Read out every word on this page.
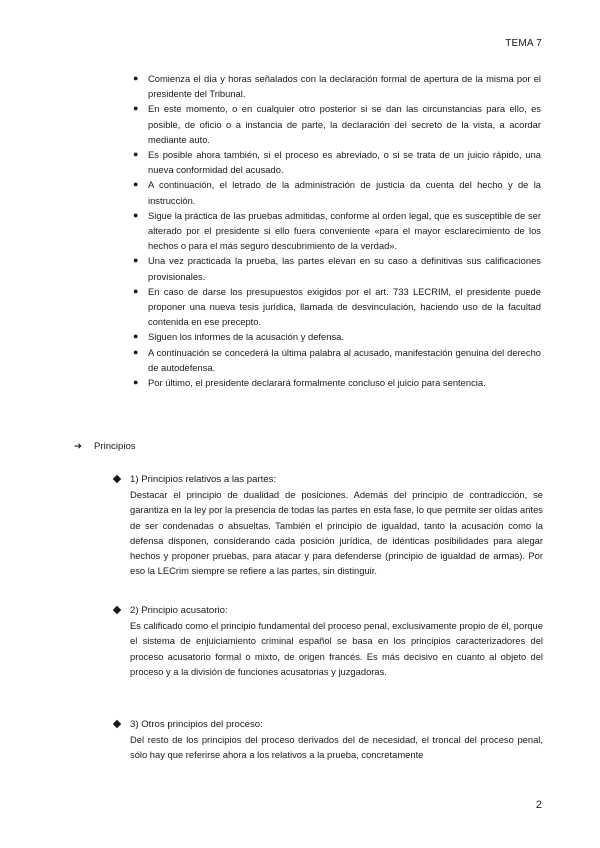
TEMA 7
● Comienza el día y horas señalados con la declaración formal de apertura de la misma por el presidente del Tribunal.
● En este momento, o en cualquier otro posterior si se dan las circunstancias para ello, es posible, de oficio o a instancia de parte, la declaración del secreto de la vista, a acordar mediante auto.
● Es posible ahora también, si el proceso es abreviado, o si se trata de un juicio rápido, una nueva conformidad del acusado.
● A continuación, el letrado de la administración de justicia da cuenta del hecho y de la instrucción.
● Sigue la práctica de las pruebas admitidas, conforme al orden legal, que es susceptible de ser alterado por el presidente si ello fuera conveniente «para el mayor esclarecimiento de los hechos o para el más seguro descubrimiento de la verdad».
● Una vez practicada la prueba, las partes elevan en su caso a definitivas sus calificaciones provisionales.
● En caso de darse los presupuestos exigidos por el art. 733 LECRIM, el presidente puede proponer una nueva tesis jurídica, llamada de desvinculación, haciendo uso de la facultad contenida en ese precepto.
● Siguen los informes de la acusación y defensa.
● A continuación se concederá la última palabra al acusado, manifestación genuina del derecho de autodefensa.
● Por último, el presidente declarará formalmente concluso el juicio para sentencia.
➔ Principios
1) Principios relativos a las partes:

Destacar el principio de dualidad de posiciones. Además del principio de contradicción, se garantiza en la ley por la presencia de todas las partes en esta fase, lo que permite ser oídas antes de ser condenadas o absueltas. También el principio de igualdad, tanto la acusación como la defensa disponen, considerando cada posición jurídica, de idénticas posibilidades para alegar hechos y proponer pruebas, para atacar y para defenderse (principio de igualdad de armas). Por eso la LECrim siempre se refiere a las partes, sin distinguir.

2) Principio acusatorio:

Es calificado como el principio fundamental del proceso penal, exclusivamente propio de él, porque el sistema de enjuiciamiento criminal español se basa en los principios caracterizadores del proceso acusatorio formal o mixto, de origen francés. Es más decisivo en cuanto al objeto del proceso y a la división de funciones acusatorias y juzgadoras.

3) Otros principios del proceso:

Del resto de los principios del proceso derivados del de necesidad, el troncal del proceso penal, sólo hay que referirse ahora a los relativos a la prueba, concretamente

2
